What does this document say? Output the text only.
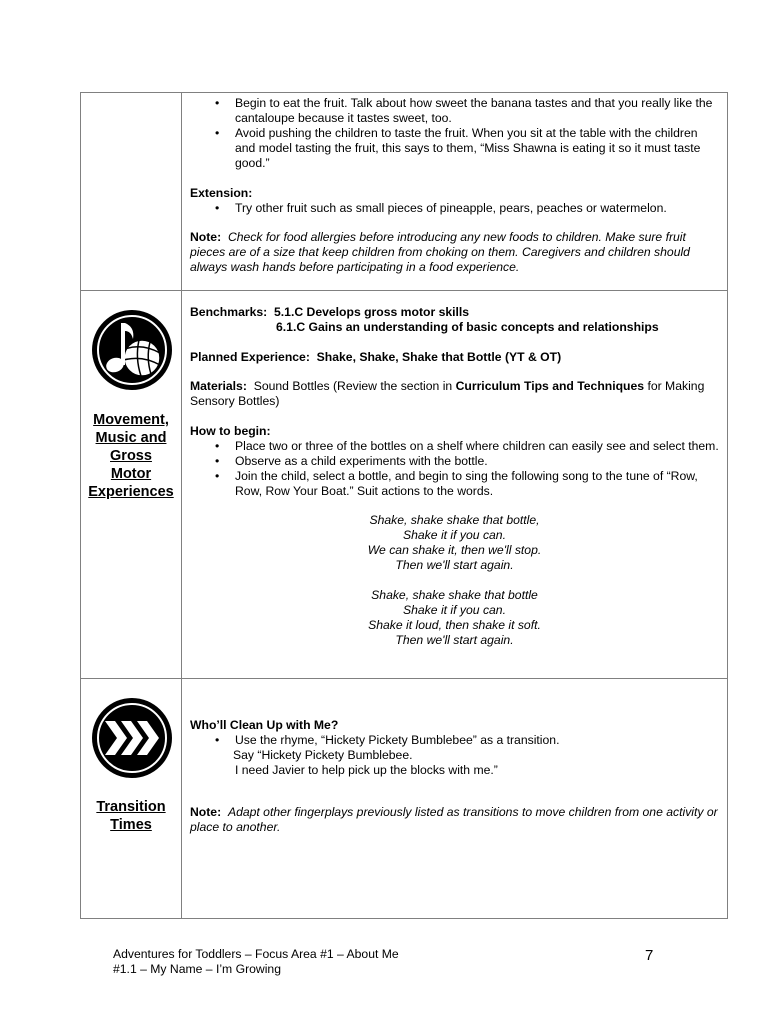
• Begin to eat the fruit. Talk about how sweet the banana tastes and that you really like the cantaloupe because it tastes sweet, too.
• Avoid pushing the children to taste the fruit. When you sit at the table with the children and model tasting the fruit, this says to them, “Miss Shawna is eating it so it must taste good.”

Extension:

• Try other fruit such as small pieces of pineapple, pears, peaches or watermelon.

Note: Check for food allergies before introducing any new foods to children. Make sure fruit pieces are of a size that keep children from choking on them. Caregivers and children should always wash hands before participating in a food experience.

Movement,
Music and
Gross
Motor
Experiences

Benchmarks: 5.1.C Develops gross motor skills

6.1.C Gains an understanding of basic concepts and relationships

Planned Experience: Shake, Shake, Shake that Bottle (YT & OT)

Materials: Sound Bottles (Review the section in Curriculum Tips and Techniques for Making Sensory Bottles)

How to begin:

• Place two or three of the bottles on a shelf where children can easily see and select them.
• Observe as a child experiments with the bottle.
• Join the child, select a bottle, and begin to sing the following song to the tune of “Row, Row, Row Your Boat.” Suit actions to the words.

Shake, shake shake that bottle,

Shake it if you can.

We can shake it, then we'll stop.

Then we'll start again.

Shake, shake shake that bottle

Shake it if you can.

Shake it loud, then shake it soft.

Then we'll start again.

Transition
Times

Who’ll Clean Up with Me?

• Use the rhyme, “Hickety Pickety Bumblebee” as a transition.

Say “Hickety Pickety Bumblebee.

I need Javier to help pick up the blocks with me.”

Note: Adapt other fingerplays previously listed as transitions to move children from one activity or place to another.

Adventures for Toddlers – Focus Area #1 – About Me
#1.1 – My Name – I’m Growing
7
